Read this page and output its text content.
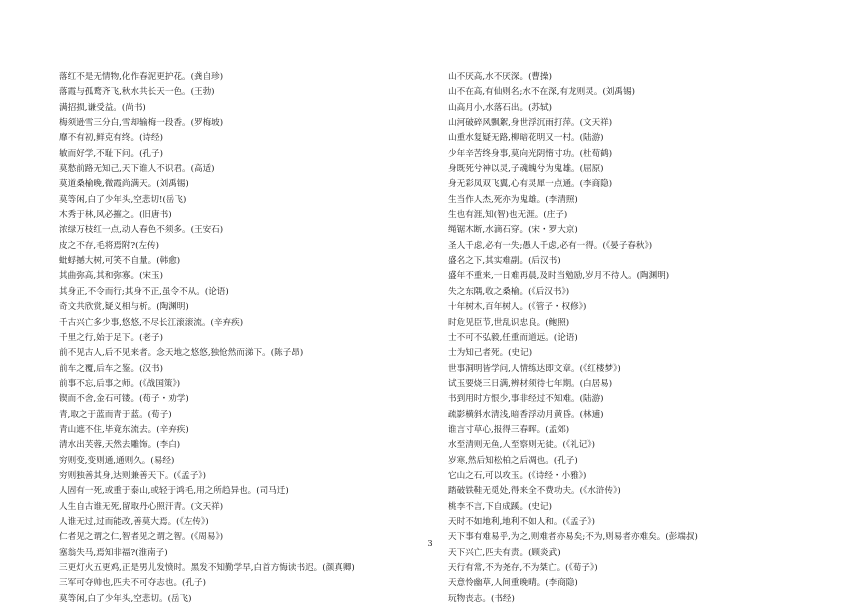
落红不是无情物,化作春泥更护花。(龚自珍)
落霞与孤鹜齐飞,秋水共长天一色。(王勃)
满招损,谦受益。(尚书)
梅须逊雪三分白,雪却输梅一段香。(罗梅坡)
靡不有初,鲜克有终。(诗经)
敏而好学,不耻下问。(孔子)
莫愁前路无知己,天下谁人不识君。(高适)
莫道桑榆晚,微霞尚满天。(刘禹锡)
莫等闲,白了少年头,空悲切!(岳飞)
木秀于林,风必摧之。(旧唐书)
浓绿万枝红一点,动人春色不须多。(王安石)
皮之不存,毛将焉附?(左传)
蚍蜉撼大树,可笑不自量。(韩愈)
其曲弥高,其和弥寡。(宋玉)
其身正,不令而行;其身不正,虽令不从。(论语)
奇文共欣赏,疑义相与析。(陶渊明)
千古兴亡多少事,悠悠,不尽长江滚滚流。(辛弃疾)
千里之行,始于足下。(老子)
前不见古人,后不见来者。念天地之悠悠,独怆然而涕下。(陈子昂)
前车之覆,后车之鉴。(汉书)
前事不忘,后事之师。(《战国策》)
锲而不舍,金石可镂。(荀子・劝学)
青,取之于蓝而青于蓝。(荀子)
青山遮不住,毕竟东流去。(辛弃疾)
清水出芙蓉,天然去雕饰。(李白)
穷则变,变则通,通则久。(易经)
穷则独善其身,达则兼善天下。(《孟子》)
人固有一死,或重于泰山,或轻于鸿毛,用之所趋异也。(司马迁)
人生自古谁无死,留取丹心照汗青。(文天祥)
人谁无过,过而能改,善莫大焉。(《左传》)
仁者见之谓之仁,智者见之谓之智。(《周易》)
塞翁失马,焉知非福?(淮南子)
三更灯火五更鸡,正是男儿发愤时。黑发不知勤学早,白首方悔读书迟。(颜真卿)
三军可夺帅也,匹夫不可夺志也。(孔子)
莫等闲,白了少年头,空悲切。(岳飞)
山不厌高,水不厌深。(曹操)
山不在高,有仙则名;水不在深,有龙则灵。(刘禹锡)
山高月小,水落石出。(苏轼)
山河破碎风飘絮,身世浮沉雨打萍。(文天祥)
山重水复疑无路,柳暗花明又一村。(陆游)
少年辛苦终身事,莫向光阴惰寸功。(杜荀鹤)
身既死兮神以灵,子魂魄兮为鬼雄。(屈原)
身无彩凤双飞翼,心有灵犀一点通。(李商隐)
生当作人杰,死亦为鬼雄。(李清照)
生也有涯,知(智)也无涯。(庄子)
绳锯木断,水滴石穿。(宋・罗大京)
圣人千虑,必有一失;愚人千虑,必有一得。(《晏子春秋》)
盛名之下,其实难副。(后汉书)
盛年不重来,一日难再晨,及时当勉励,岁月不待人。(陶渊明)
失之东隅,收之桑榆。(《后汉书》)
十年树木,百年树人。(《管子・权修》)
时危见臣节,世乱识忠良。(鲍照)
士不可不弘毅,任重而道远。(论语)
士为知己者死。(史记)
世事洞明皆学问,人情练达即文章。(《红楼梦》)
试玉要烧三日满,辨材须待七年期。(白居易)
书到用时方恨少,事非经过不知难。(陆游)
疏影横斜水清浅,暗香浮动月黄昏。(林逋)
谁言寸草心,报得三春晖。(孟郊)
水至清则无鱼,人至察则无徒。(《礼记》)
岁寒,然后知松柏之后凋也。(孔子)
它山之石,可以攻玉。(《诗经・小雅》)
踏破铁鞋无觅处,得来全不费功夫。(《水浒传》)
桃李不言,下自成蹊。(史记)
天时不如地利,地利不如人和。(《孟子》)
天下事有难易乎,为之,则难者亦易矣;不为,则易者亦难矣。(彭端叔)
天下兴亡,匹夫有责。(顾炎武)
天行有常,不为尧存,不为桀亡。(《荀子》)
天意怜幽草,人间重晚晴。(李商隐)
玩物丧志。(书经)
3
